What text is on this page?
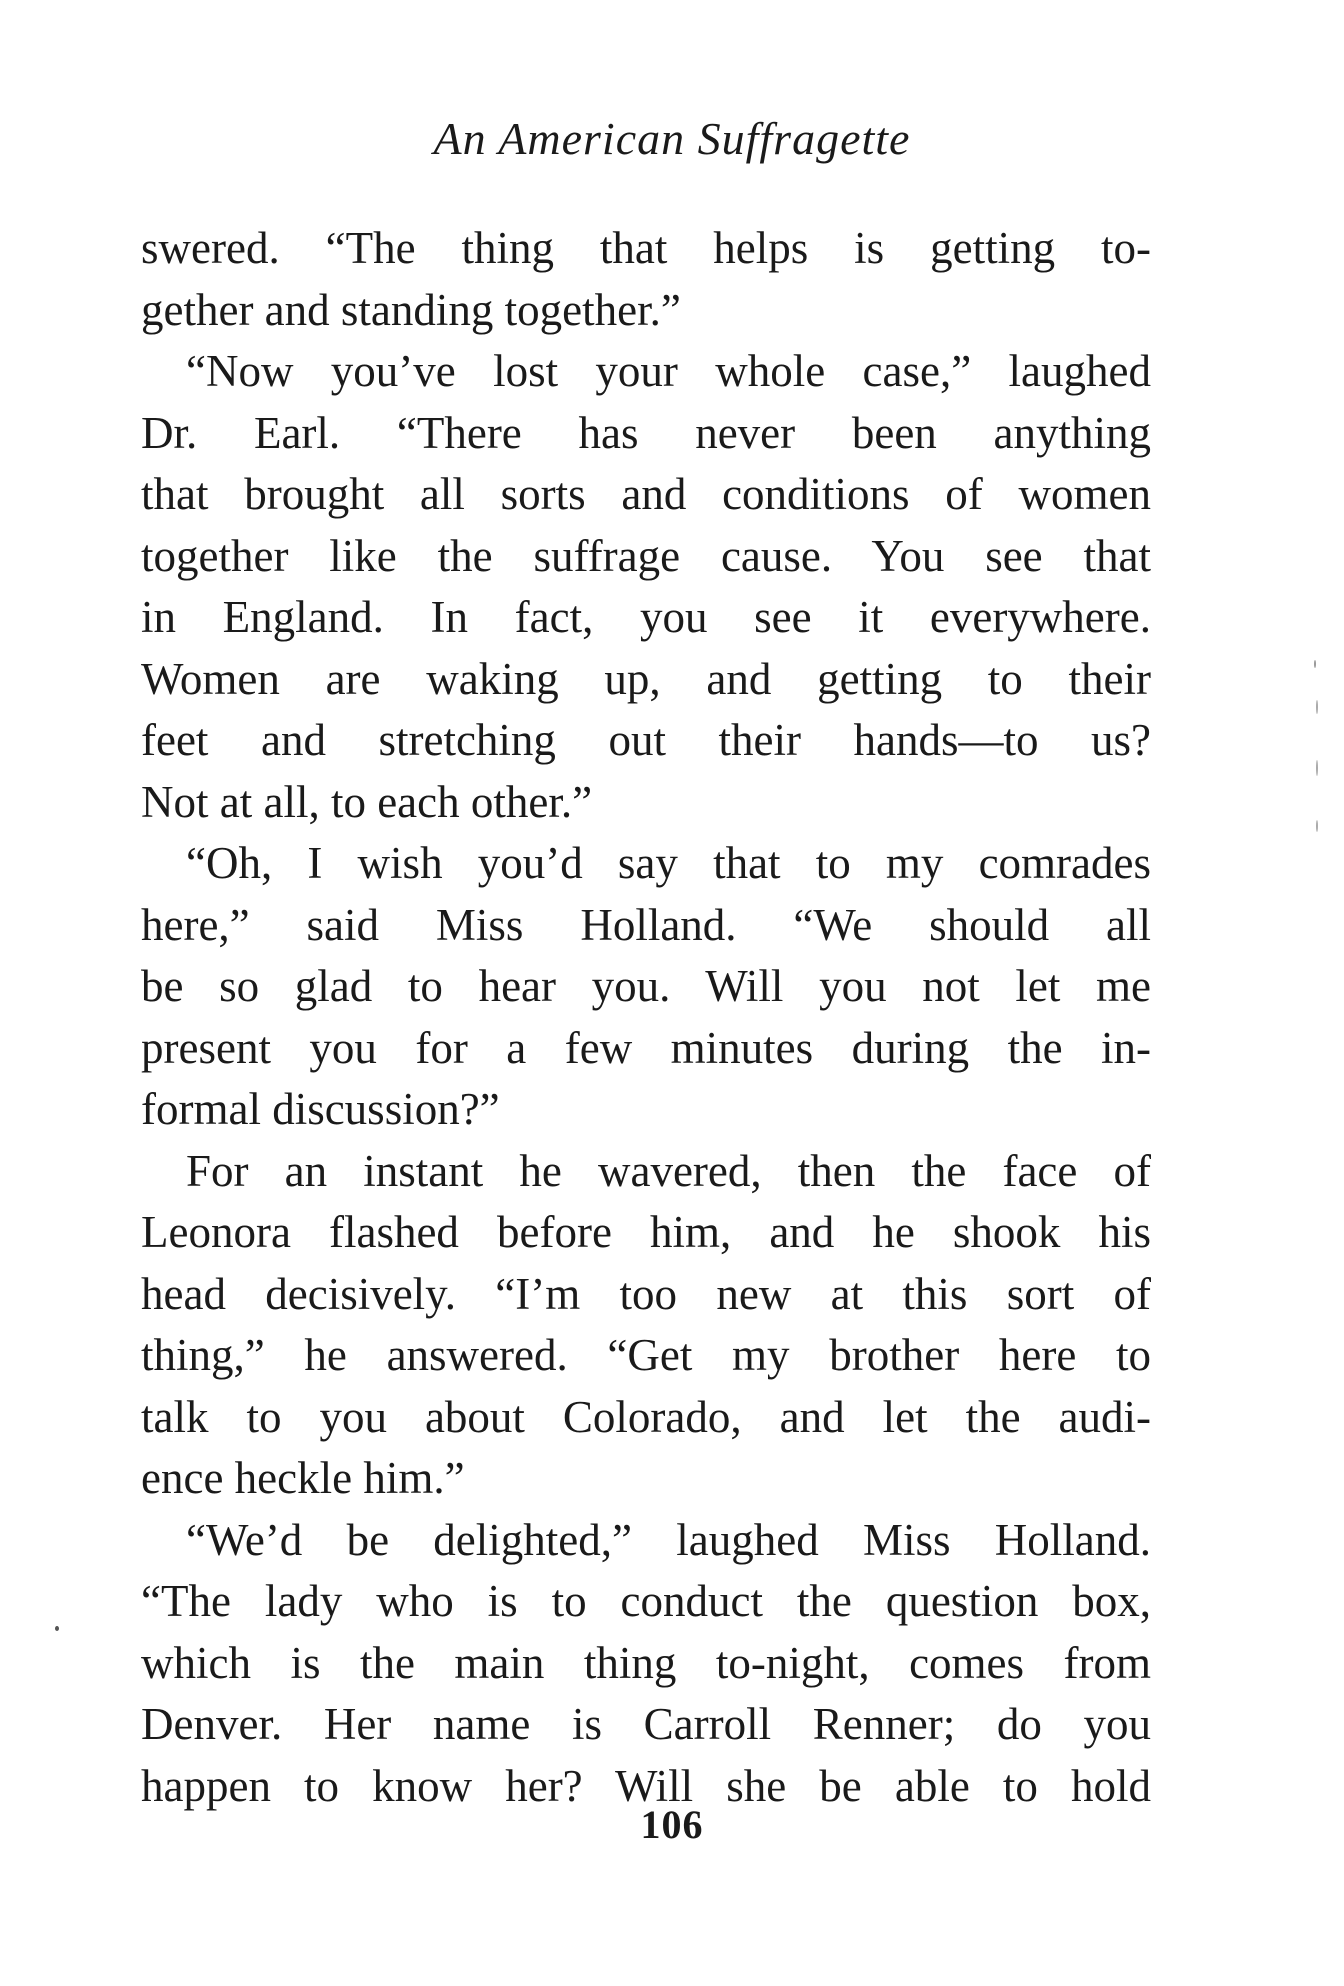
An American Suffragette
swered. “The thing that helps is getting to-
gether and standing together.”
“Now you’ve lost your whole case,” laughed
Dr. Earl. “There has never been anything
that brought all sorts and conditions of women
together like the suffrage cause. You see that
in England. In fact, you see it everywhere.
Women are waking up, and getting to their
feet and stretching out their hands—to us?
Not at all, to each other.”
“Oh, I wish you’d say that to my comrades
here,” said Miss Holland. “We should all
be so glad to hear you. Will you not let me
present you for a few minutes during the in-
formal discussion?”
For an instant he wavered, then the face of
Leonora flashed before him, and he shook his
head decisively. “I’m too new at this sort of
thing,” he answered. “Get my brother here to
talk to you about Colorado, and let the audi-
ence heckle him.”
“We’d be delighted,” laughed Miss Holland.
“The lady who is to conduct the question box,
which is the main thing to-night, comes from
Denver. Her name is Carroll Renner; do you
happen to know her? Will she be able to hold
106
